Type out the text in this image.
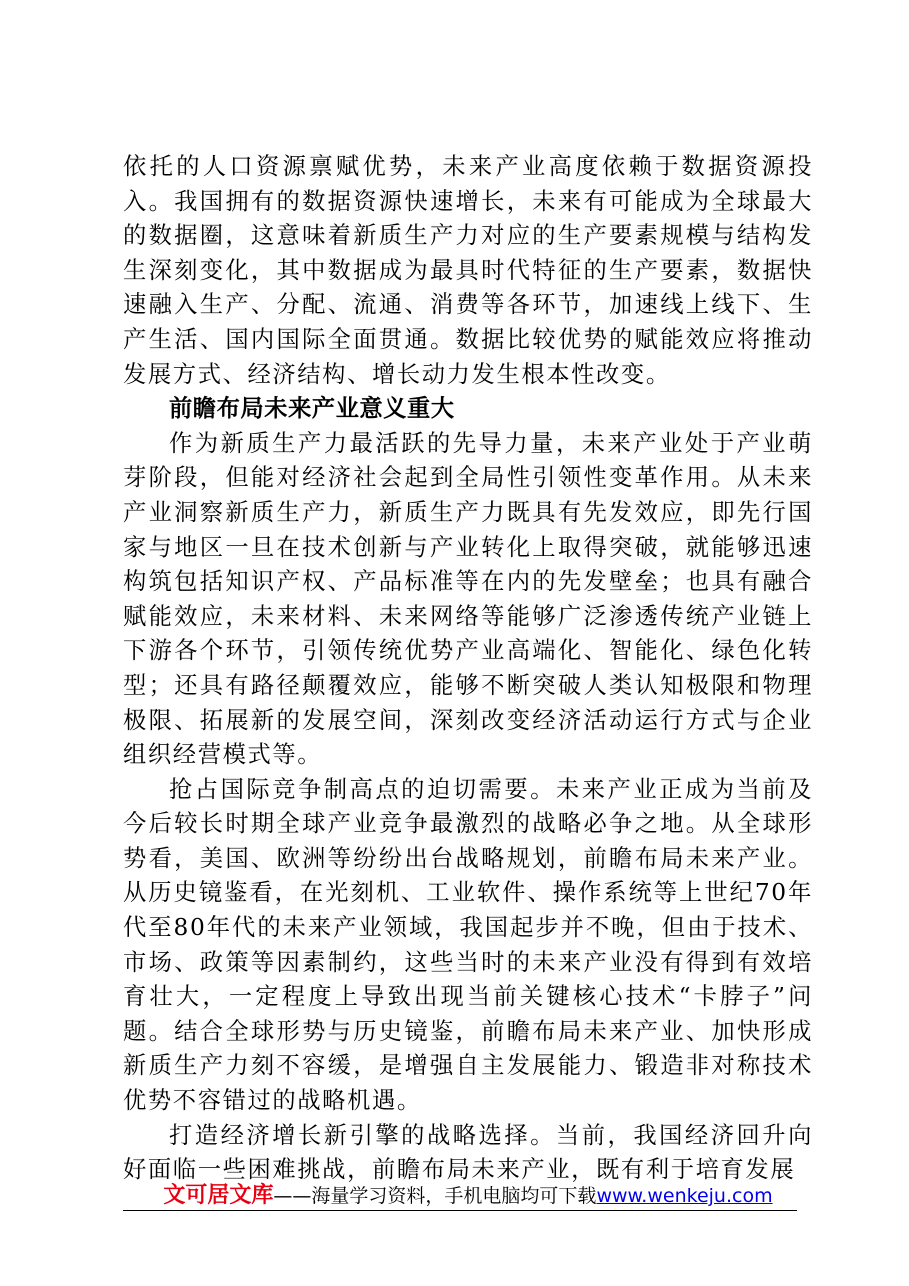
依托的人口资源禀赋优势，未来产业高度依赖于数据资源投入。我国拥有的数据资源快速增长，未来有可能成为全球最大的数据圈，这意味着新质生产力对应的生产要素规模与结构发生深刻变化，其中数据成为最具时代特征的生产要素，数据快速融入生产、分配、流通、消费等各环节，加速线上线下、生产生活、国内国际全面贯通。数据比较优势的赋能效应将推动发展方式、经济结构、增长动力发生根本性改变。

前瞻布局未来产业意义重大

作为新质生产力最活跃的先导力量，未来产业处于产业萌芽阶段，但能对经济社会起到全局性引领性变革作用。从未来产业洞察新质生产力，新质生产力既具有先发效应，即先行国家与地区一旦在技术创新与产业转化上取得突破，就能够迅速构筑包括知识产权、产品标准等在内的先发壁垒；也具有融合赋能效应，未来材料、未来网络等能够广泛渗透传统产业链上下游各个环节，引领传统优势产业高端化、智能化、绿色化转型；还具有路径颠覆效应，能够不断突破人类认知极限和物理极限、拓展新的发展空间，深刻改变经济活动运行方式与企业组织经营模式等。

抢占国际竞争制高点的迫切需要。未来产业正成为当前及今后较长时期全球产业竞争最激烈的战略必争之地。从全球形势看，美国、欧洲等纷纷出台战略规划，前瞻布局未来产业。从历史镜鉴看，在光刻机、工业软件、操作系统等上世纪70年代至80年代的未来产业领域，我国起步并不晚，但由于技术、市场、政策等因素制约，这些当时的未来产业没有得到有效培育壮大，一定程度上导致出现当前关键核心技术“卡脖子”问题。结合全球形势与历史镜鉴，前瞻布局未来产业、加快形成新质生产力刻不容缓，是增强自主发展能力、锻造非对称技术优势不容错过的战略机遇。

打造经济增长新引擎的战略选择。当前，我国经济回升向好面临一些困难挑战，前瞻布局未来产业，既有利于培育发展

文可居文库——海量学习资料，手机电脑均可下载www.wenkeju.com
